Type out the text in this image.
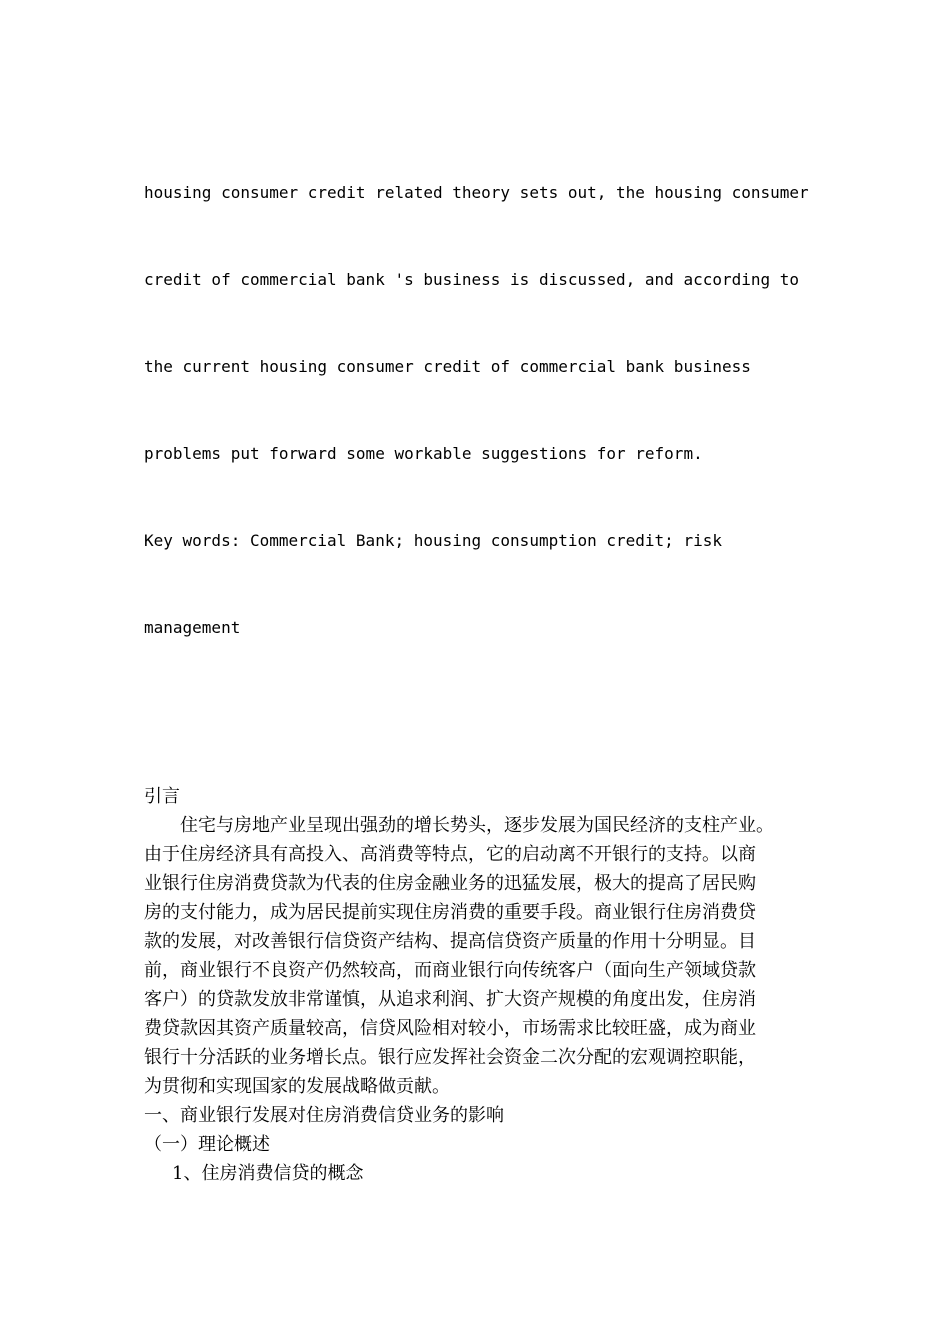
housing consumer credit related theory sets out, the housing consumer

credit of commercial bank 's business is discussed, and according to

the current housing consumer credit of commercial bank business

problems put forward some workable suggestions for reform.

Key words: Commercial Bank; housing consumption credit; risk

management

引言
住宅与房地产业呈现出强劲的增长势头，逐步发展为国民经济的支柱产业。
由于住房经济具有高投入、高消费等特点，它的启动离不开银行的支持。以商
业银行住房消费贷款为代表的住房金融业务的迅猛发展，极大的提高了居民购
房的支付能力，成为居民提前实现住房消费的重要手段。商业银行住房消费贷
款的发展，对改善银行信贷资产结构、提高信贷资产质量的作用十分明显。目
前，商业银行不良资产仍然较高，而商业银行向传统客户（面向生产领域贷款
客户）的贷款发放非常谨慎，从追求利润、扩大资产规模的角度出发，住房消
费贷款因其资产质量较高，信贷风险相对较小，市场需求比较旺盛，成为商业
银行十分活跃的业务增长点。银行应发挥社会资金二次分配的宏观调控职能，
为贯彻和实现国家的发展战略做贡献。
一、商业银行发展对住房消费信贷业务的影响
（一）理论概述
1、住房消费信贷的概念
